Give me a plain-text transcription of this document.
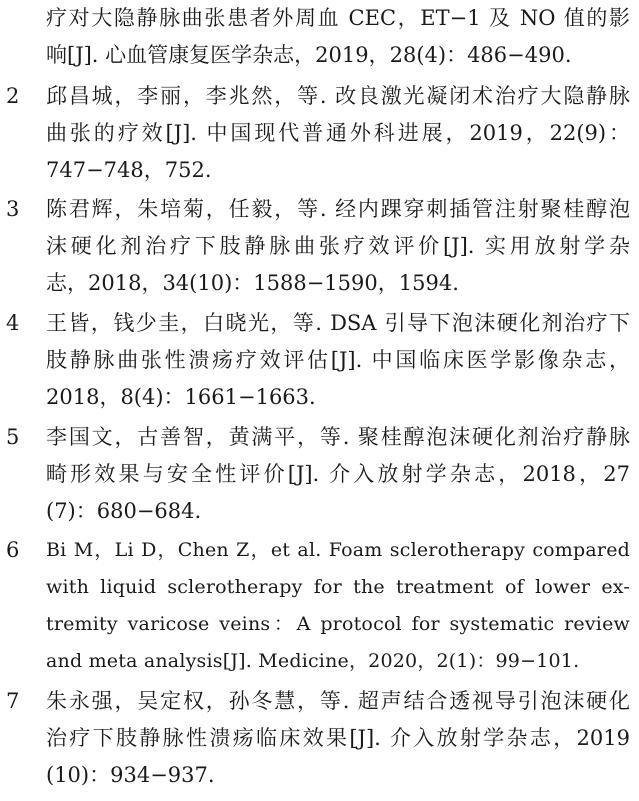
疗对大隐静脉曲张患者外周血 CEC，ET−1 及 NO 值的影
响[J]. 心血管康复医学杂志，2019，28(4)：486−490.
2 邱昌城，李丽，李兆然，等. 改良激光凝闭术治疗大隐静脉
曲张的疗效[J]. 中国现代普通外科进展，2019，22(9)：
747−748，752.
3 陈君辉，朱培菊，任毅，等. 经内踝穿刺插管注射聚桂醇泡
沫硬化剂治疗下肢静脉曲张疗效评价[J]. 实用放射学杂
志，2018，34(10)：1588−1590，1594.
4 王皆，钱少圭，白晓光，等. DSA 引导下泡沫硬化剂治疗下
肢静脉曲张性溃疡疗效评估[J]. 中国临床医学影像杂志，
2018，8(4)：1661−1663.
5 李国文，古善智，黄满平，等. 聚桂醇泡沫硬化剂治疗静脉
畸形效果与安全性评价[J]. 介入放射学杂志，2018，27
(7)：680−684.
6 Bi M，Li D，Chen Z，et al. Foam sclerotherapy compared
with liquid sclerotherapy for the treatment of lower ex-
tremity varicose veins：A protocol for systematic review
and meta analysis[J]. Medicine，2020，2(1)：99−101.
7 朱永强，吴定权，孙冬慧，等. 超声结合透视导引泡沫硬化
治疗下肢静脉性溃疡临床效果[J]. 介入放射学杂志，2019
(10)：934−937.
